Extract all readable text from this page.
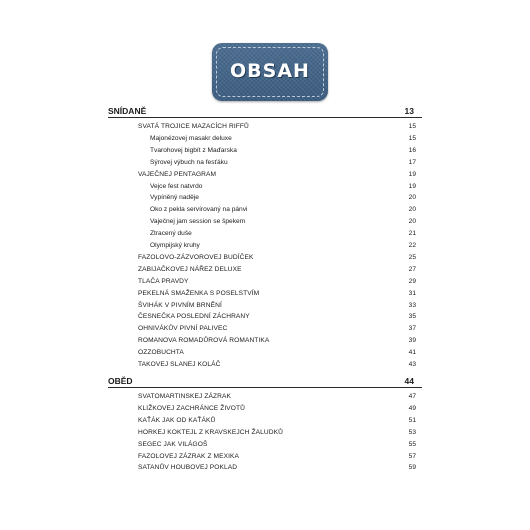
OBSAH
SNÍDANĚ	13
SVATÁ TROJICE MAZACÍCH RIFFŮ	15
Majonézovej masakr deluxe	15
Tvarohovej bigbít z Maďarska	16
Sýrovej výbuch na fesťáku	17
VAJEČNEJ PENTAGRAM	19
Vejce fest natvrdo	19
Vypíněný naděje	20
Oko z pekla servírovaný na pánvi	20
Vaječnej jam session se špekem	20
Ztracený duše	21
Olympijský kruhy	22
FAZOLOVO-ZÁZVOROVEJ BUDÍČEK	25
ZABIJAČKOVEJ NÁŘEZ DELUXE	27
TLAČA PRAVDY	29
PEKELNÁ SMAŽENKA S POSELSTVÍM	31
ŠVIHÁK V PIVNÍM BRNĚNÍ	33
ČESNEČKA POSLEDNÍ ZÁCHRANY	35
OHNIVÁKŮV PIVNÍ PALIVEC	37
ROMANOVA ROMADŮROVÁ ROMANTIKA	39
OZZOBUCHTA	41
TAKOVEJ SLANEJ KOLÁČ	43
OBĚD	44
SVATOMARTINSKEJ ZÁZRAK	47
KLIŽKOVEJ ZACHRÁNCE ŽIVOTŮ	49
KAŤÁK JAK OD KAŤÁKŮ	51
HORKEJ KOKTEJL Z KRAVSKEJCH ŽALUDKŮ	53
SEGEC JAK VILÁGOŠ	55
FAZOLOVEJ ZÁZRAK Z MEXIKA	57
SATANŮV HOUBOVEJ POKLAD	59
